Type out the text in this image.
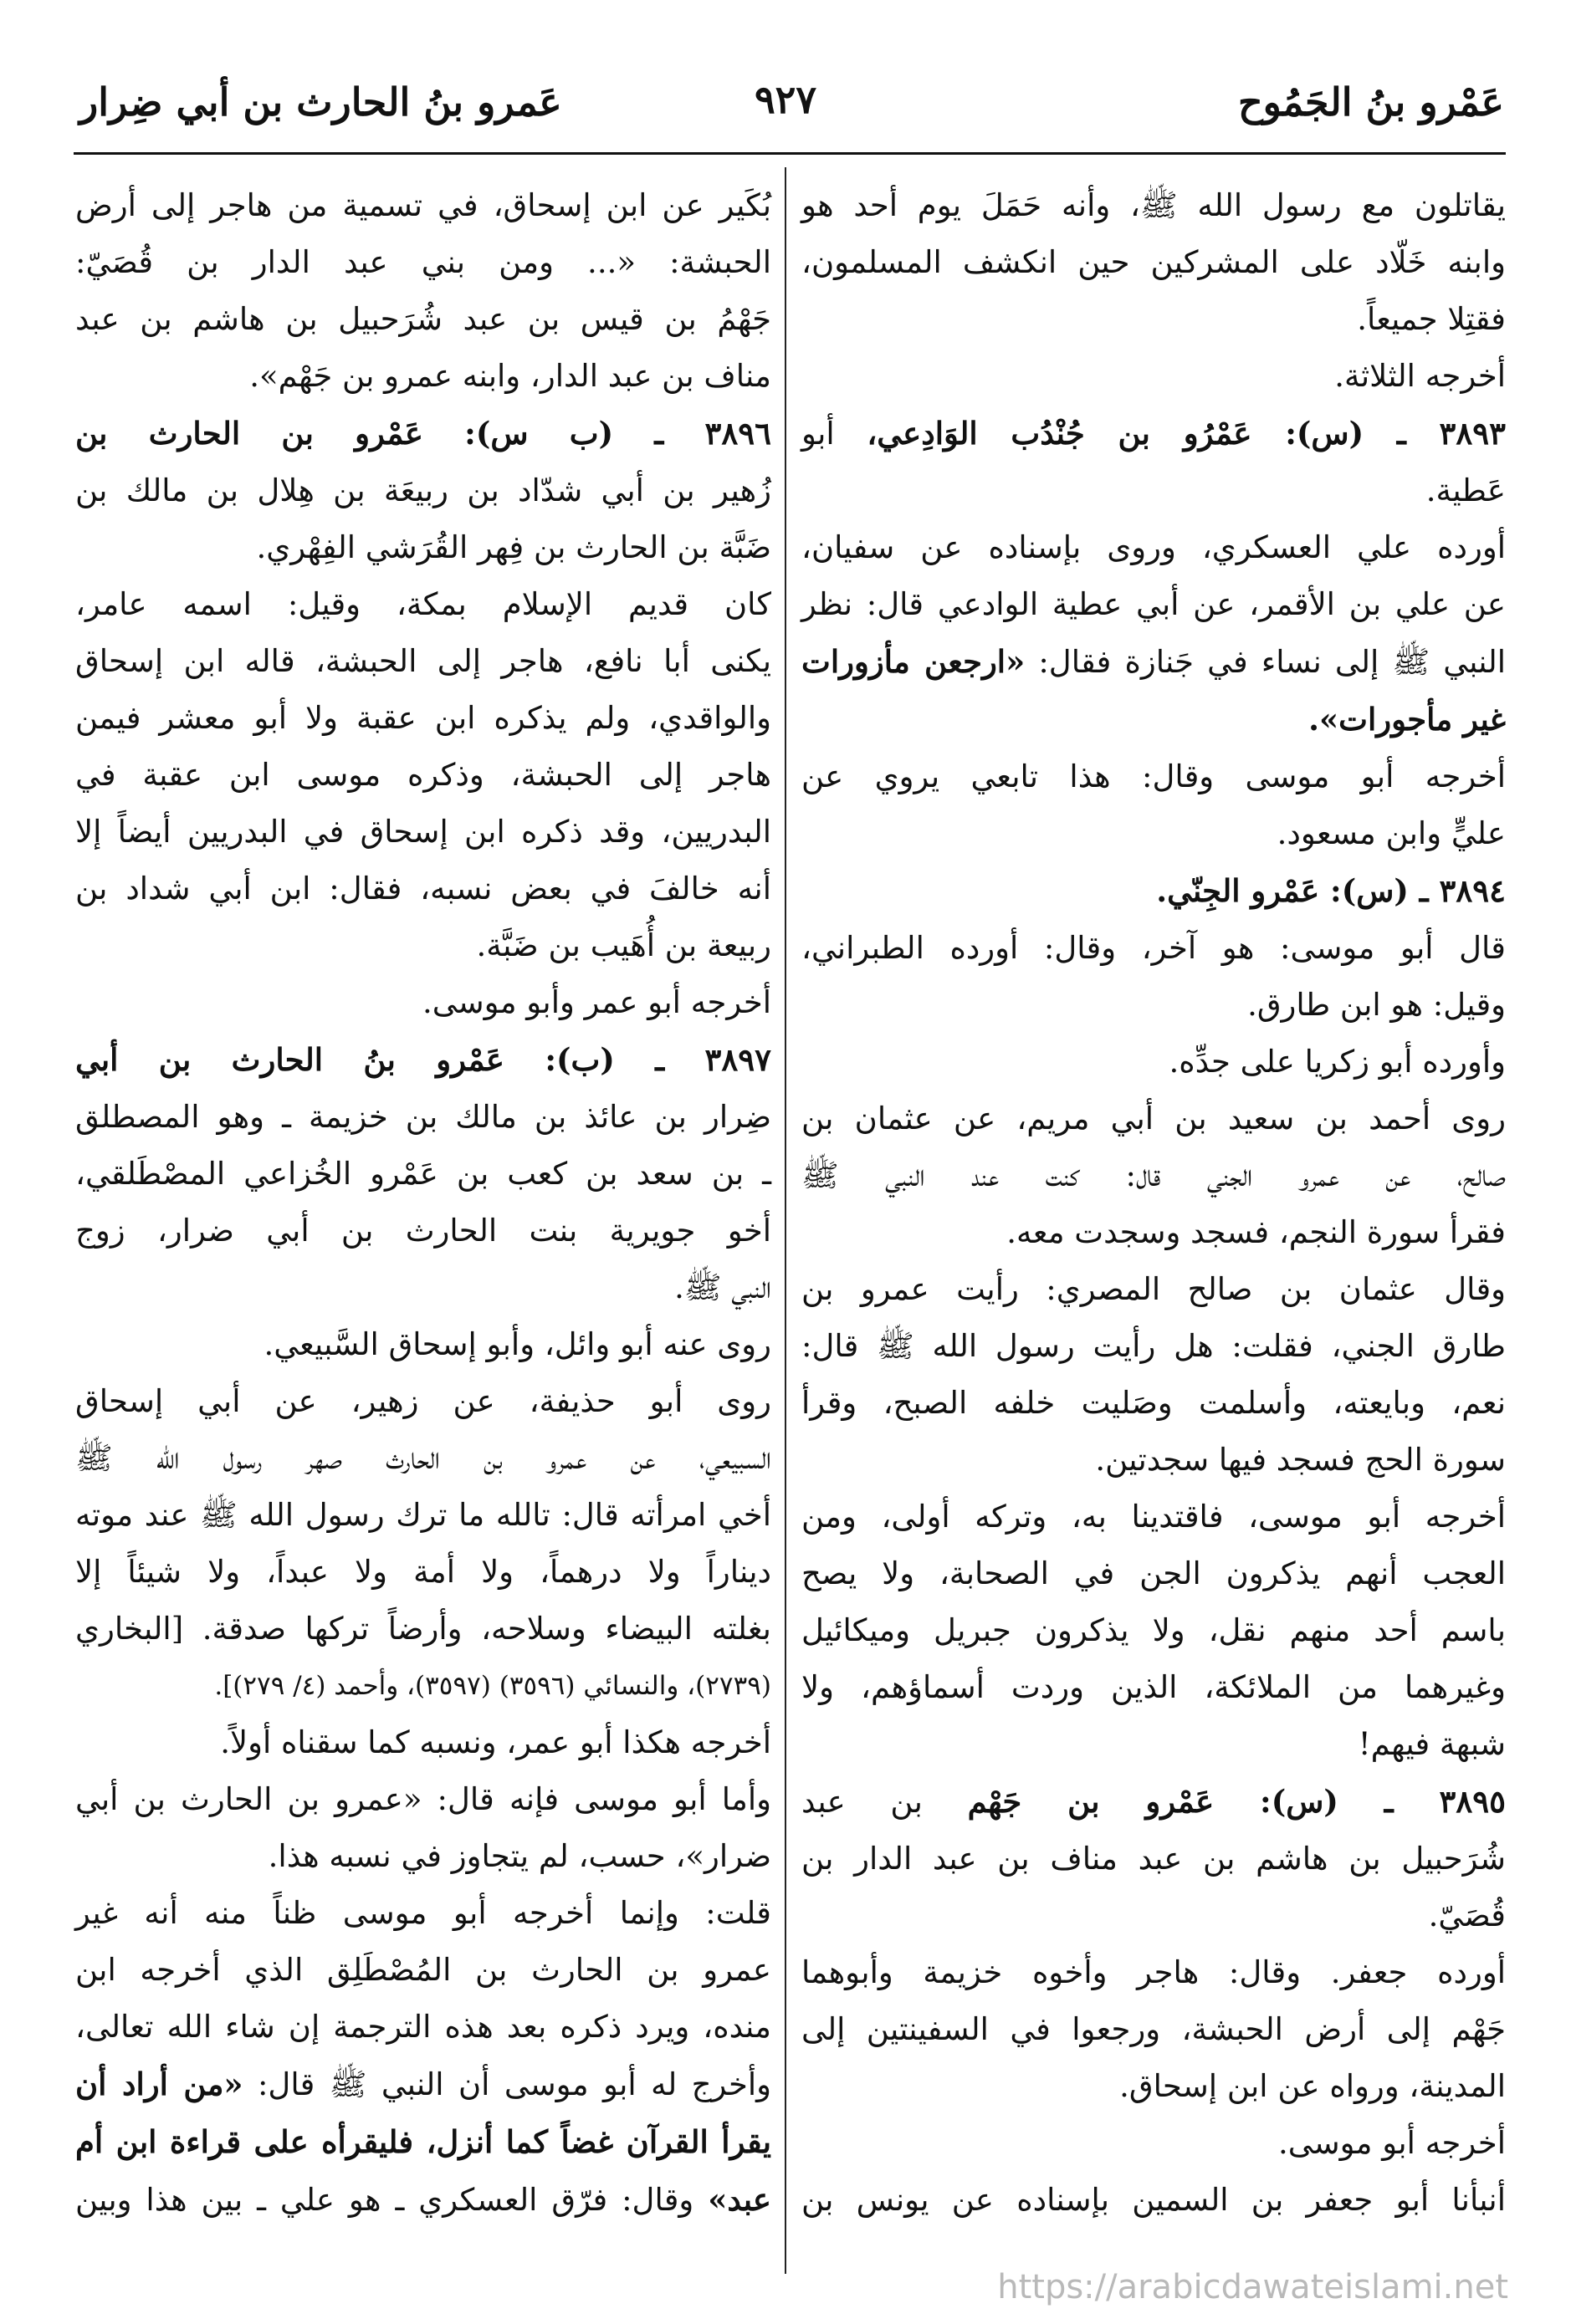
عَمْرو بنُ الجَمُوح
٩٢٧
عَمرو بنُ الحارث بن أبي ضِرار
يقاتلون مع رسول الله ﷺ، وأنه حَمَلَ يوم أحد هو
وابنه خَلّاد على المشركين حين انكشف المسلمون،
فقتِلا جميعاً.
أخرجه الثلاثة.
٣٨٩٣ ـ (س): عَمْرُو بن جُنْدُب الوَادِعي، أبو
عَطية.
أورده علي العسكري، وروى بإسناده عن سفيان،
عن علي بن الأقمر، عن أبي عطية الوادعي قال: نظر
النبي ﷺ إلى نساء في جَنازة فقال: «ارجعن مأزورات
غير مأجورات».
أخرجه أبو موسى وقال: هذا تابعي يروي عن
عليٍّ وابن مسعود.
٣٨٩٤ ـ (س): عَمْرو الجِنّي.
قال أبو موسى: هو آخر، وقال: أورده الطبراني،
وقيل: هو ابن طارق.
وأورده أبو زكريا على جدِّه.
روى أحمد بن سعيد بن أبي مريم، عن عثمان بن
صالح، عن عمرو الجني قال: كنت عند النبي ﷺ
فقرأ سورة النجم، فسجد وسجدت معه.
وقال عثمان بن صالح المصري: رأيت عمرو بن
طارق الجني، فقلت: هل رأيت رسول الله ﷺ قال:
نعم، وبايعته، وأسلمت وصَليت خلفه الصبح، وقرأ
سورة الحج فسجد فيها سجدتين.
أخرجه أبو موسى، فاقتدينا به، وتركه أولى، ومن
العجب أنهم يذكرون الجن في الصحابة، ولا يصح
باسم أحد منهم نقل، ولا يذكرون جبريل وميكائيل
وغيرهما من الملائكة، الذين وردت أسماؤهم، ولا
شبهة فيهم!
٣٨٩٥ ـ (س): عَمْرو بن جَهْم بن عبد
شُرَحبيل بن هاشم بن عبد مناف بن عبد الدار بن
قُصَيّ.
أورده جعفر. وقال: هاجر وأخوه خزيمة وأبوهما
جَهْم إلى أرض الحبشة، ورجعوا في السفينتين إلى
المدينة، ورواه عن ابن إسحاق.
أخرجه أبو موسى.
أنبأنا أبو جعفر بن السمين بإسناده عن يونس بن
بُكَير عن ابن إسحاق، في تسمية من هاجر إلى أرض
الحبشة: «... ومن بني عبد الدار بن قُصَيّ:
جَهْمُ بن قيس بن عبد شُرَحبيل بن هاشم بن عبد
مناف بن عبد الدار، وابنه عمرو بن جَهْم».
٣٨٩٦ ـ (ب س): عَمْرو بن الحارث بن
زُهير بن أبي شدّاد بن ربيعَة بن هِلال بن مالك بن
ضَبَّة بن الحارث بن فِهر القُرَشي الفِهْري.
كان قديم الإسلام بمكة، وقيل: اسمه عامر،
يكنى أبا نافع، هاجر إلى الحبشة، قاله ابن إسحاق
والواقدي، ولم يذكره ابن عقبة ولا أبو معشر فيمن
هاجر إلى الحبشة، وذكره موسى ابن عقبة في
البدريين، وقد ذكره ابن إسحاق في البدريين أيضاً إلا
أنه خالفَ في بعض نسبه، فقال: ابن أبي شداد بن
ربيعة بن أُهَيب بن ضَبَّة.
أخرجه أبو عمر وأبو موسى.
٣٨٩٧ ـ (ب): عَمْرو بنُ الحارث بن أبي
ضِرار بن عائذ بن مالك بن خزيمة ـ وهو المصطلق
ـ بن سعد بن كعب بن عَمْرو الخُزاعي المصْطَلقي،
أخو جويرية بنت الحارث بن أبي ضرار، زوج
النبي ﷺ.
روى عنه أبو وائل، وأبو إسحاق السَّبيعي.
روى أبو حذيفة، عن زهير، عن أبي إسحاق
السبيعي، عن عمرو بن الحارث صهر رسول الله ﷺ
أخي امرأته قال: تالله ما ترك رسول الله ﷺ عند موته
ديناراً ولا درهماً، ولا أمة ولا عبداً، ولا شيئاً إلا
بغلته البيضاء وسلاحه، وأرضاً تركها صدقة. [البخاري
(٢٧٣٩)، والنسائي (٣٥٩٦) (٣٥٩٧)، وأحمد (٤/ ٢٧٩)].
أخرجه هكذا أبو عمر، ونسبه كما سقناه أولاً.
وأما أبو موسى فإنه قال: «عمرو بن الحارث بن أبي
ضرار»، حسب، لم يتجاوز في نسبه هذا.
قلت: وإنما أخرجه أبو موسى ظناً منه أنه غير
عمرو بن الحارث بن المُصْطَلِق الذي أخرجه ابن
منده، ويرد ذكره بعد هذه الترجمة إن شاء الله تعالى،
وأخرج له أبو موسى أن النبي ﷺ قال: «من أراد أن
يقرأ القرآن غضاً كما أنزل، فليقرأه على قراءة ابن أم
عبد» وقال: فرّق العسكري ـ هو علي ـ بين هذا وبين
https://arabicdawateislami.net
